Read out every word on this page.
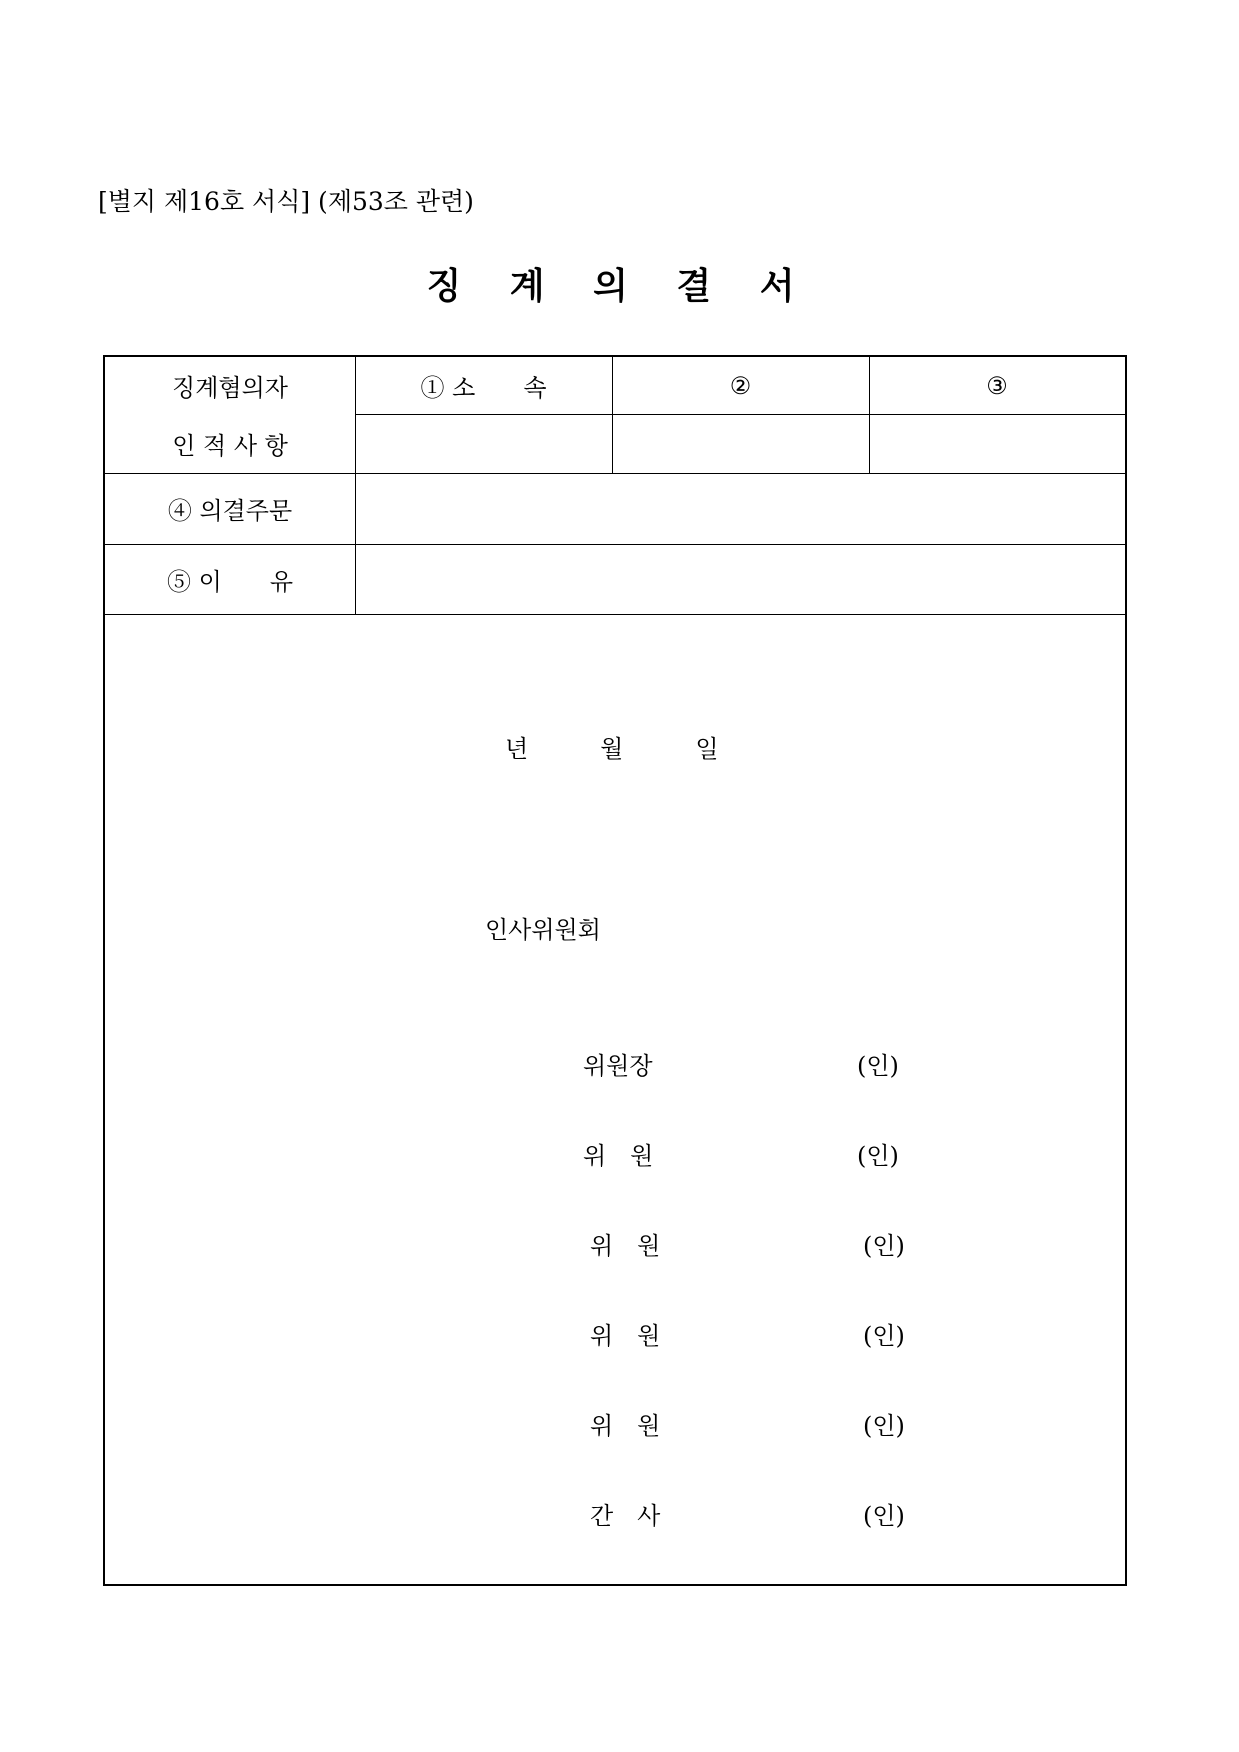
[별지 제16호 서식] (제53조 관련)
징 계 의 결 서
징계혐의자
인 적 사 항
① 소　　속	②	③
④ 의결주문
⑤ 이　　유
년　　　월　　　일
인사위원회
위원장	(인)
위　원	(인)
위　원	(인)
위　원	(인)
위　원	(인)
간　사	(인)
